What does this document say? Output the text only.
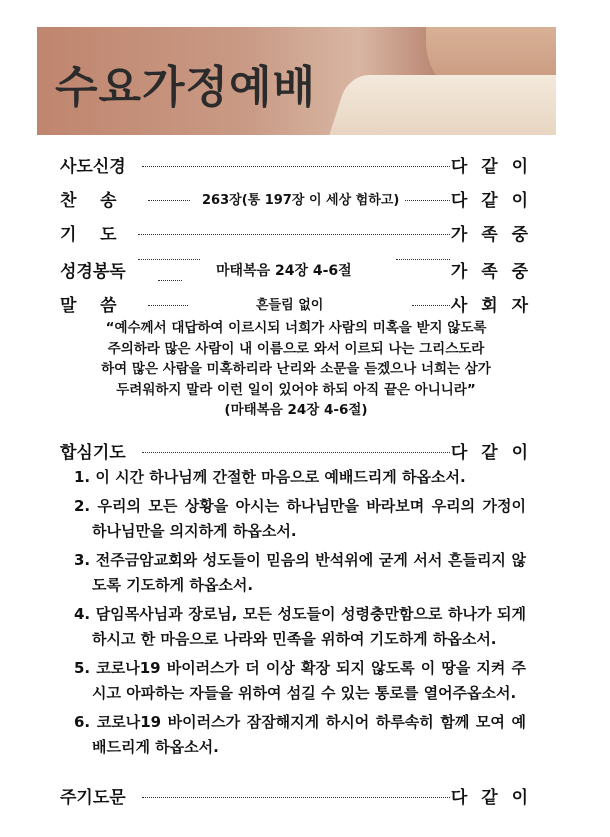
수요가정예배
사도신경	다 같 이
찬    송	263장(통 197장 이 세상 험하고)	다 같 이
기    도	가 족 중
성경봉독	마태복음 24장 4-6절	가 족 중
말    씀	흔들림 없이	사 회 자
“예수께서 대답하여 이르시되 너희가 사람의 미혹을 받지 않도록
주의하라 많은 사람이 내 이름으로 와서 이르되 나는 그리스도라
하여 많은 사람을 미혹하리라 난리와 소문을 듣겠으나 너희는 삼가
두려워하지 말라 이런 일이 있어야 하되 아직 끝은 아니니라”
(마태복음 24장 4-6절)
합심기도	다 같 이
1. 이 시간 하나님께 간절한 마음으로 예배드리게 하옵소서.
2. 우리의 모든 상황을 아시는 하나님만을 바라보며 우리의 가정이 하나님만을 의지하게 하옵소서.
3. 전주금암교회와 성도들이 믿음의 반석위에 굳게 서서 흔들리지 않도록 기도하게 하옵소서.
4. 담임목사님과 장로님, 모든 성도들이 성령충만함으로 하나가 되게 하시고 한 마음으로 나라와 민족을 위하여 기도하게 하옵소서.
5. 코로나19 바이러스가 더 이상 확장 되지 않도록 이 땅을 지켜 주시고 아파하는 자들을 위하여 섬길 수 있는 통로를 열어주옵소서.
6. 코로나19 바이러스가 잠잠해지게 하시어 하루속히 함께 모여 예배드리게 하옵소서.
주기도문	다 같 이
